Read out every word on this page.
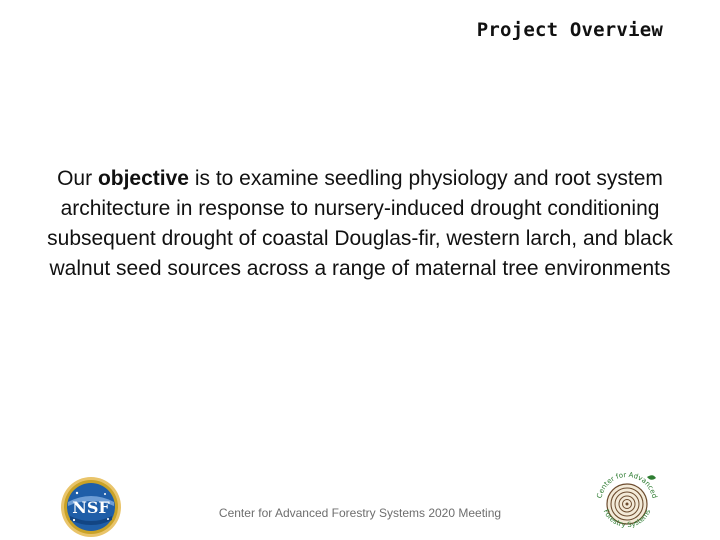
Project Overview
Our objective is to examine seedling physiology and root system architecture in response to nursery-induced drought conditioning subsequent drought of coastal Douglas-fir, western larch, and black walnut seed sources across a range of maternal tree environments
NSF	Center for Advanced Forestry Systems 2020 Meeting
Center for Advanced
Forestry Systems
